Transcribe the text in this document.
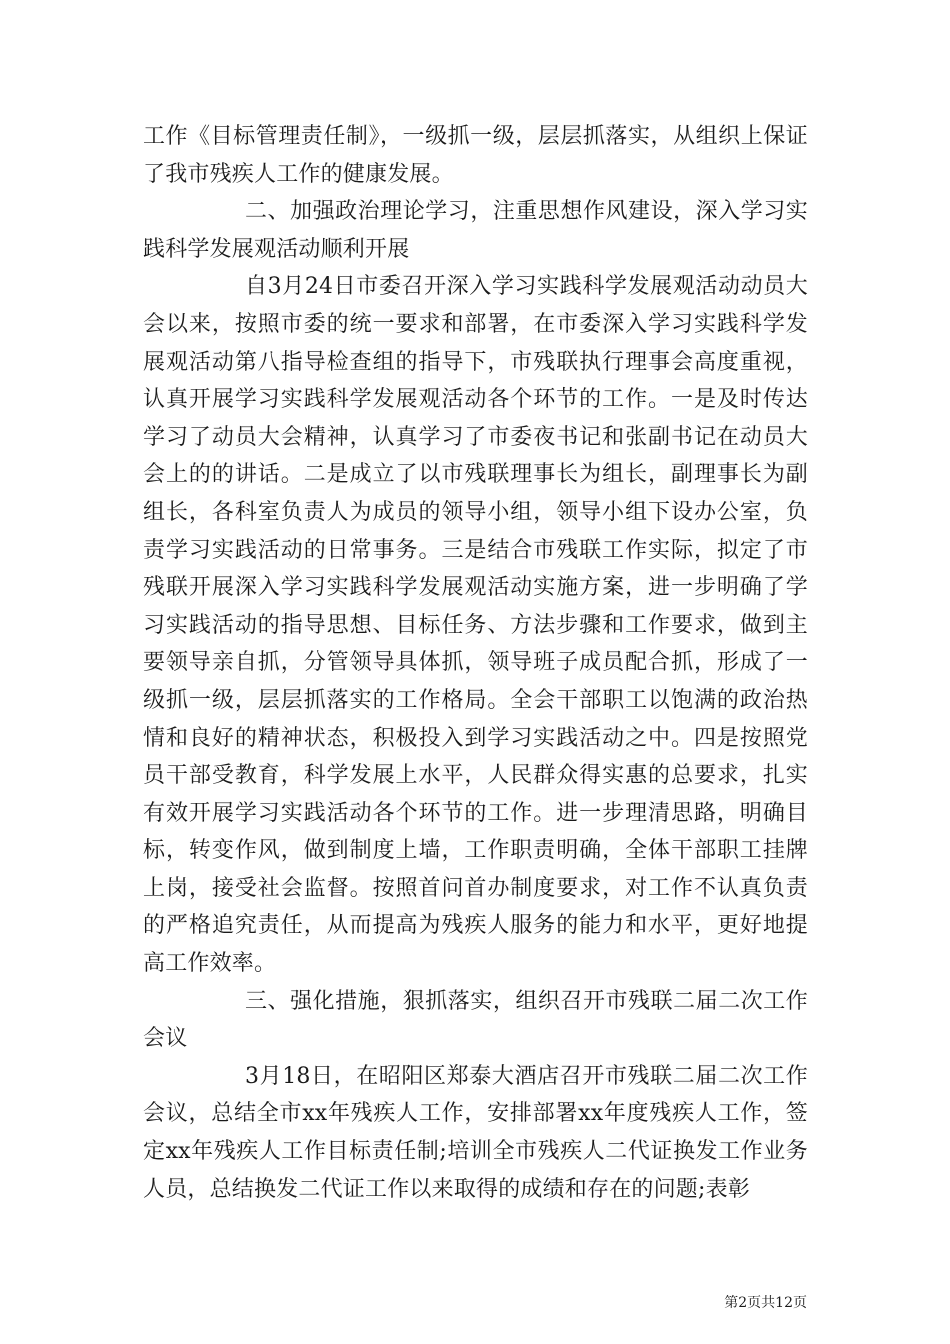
工作《目标管理责任制》，一级抓一级，层层抓落实，从组织上保证了我市残疾人工作的健康发展。

二、加强政治理论学习，注重思想作风建设，深入学习实践科学发展观活动顺利开展

自3月24日市委召开深入学习实践科学发展观活动动员大会以来，按照市委的统一要求和部署，在市委深入学习实践科学发展观活动第八指导检查组的指导下，市残联执行理事会高度重视，认真开展学习实践科学发展观活动各个环节的工作。一是及时传达学习了动员大会精神，认真学习了市委夜书记和张副书记在动员大会上的的讲话。二是成立了以市残联理事长为组长，副理事长为副组长，各科室负责人为成员的领导小组，领导小组下设办公室，负责学习实践活动的日常事务。三是结合市残联工作实际，拟定了市残联开展深入学习实践科学发展观活动实施方案，进一步明确了学习实践活动的指导思想、目标任务、方法步骤和工作要求，做到主要领导亲自抓，分管领导具体抓，领导班子成员配合抓，形成了一级抓一级，层层抓落实的工作格局。全会干部职工以饱满的政治热情和良好的精神状态，积极投入到学习实践活动之中。四是按照党员干部受教育，科学发展上水平，人民群众得实惠的总要求，扎实有效开展学习实践活动各个环节的工作。进一步理清思路，明确目标，转变作风，做到制度上墙，工作职责明确，全体干部职工挂牌上岗，接受社会监督。按照首问首办制度要求，对工作不认真负责的严格追究责任，从而提高为残疾人服务的能力和水平，更好地提高工作效率。

三、强化措施，狠抓落实，组织召开市残联二届二次工作会议

3月18日，在昭阳区郑泰大酒店召开市残联二届二次工作会议，总结全市xx年残疾人工作，安排部署xx年度残疾人工作，签定xx年残疾人工作目标责任制;培训全市残疾人二代证换发工作业务人员，总结换发二代证工作以来取得的成绩和存在的问题;表彰

第2页共12页
